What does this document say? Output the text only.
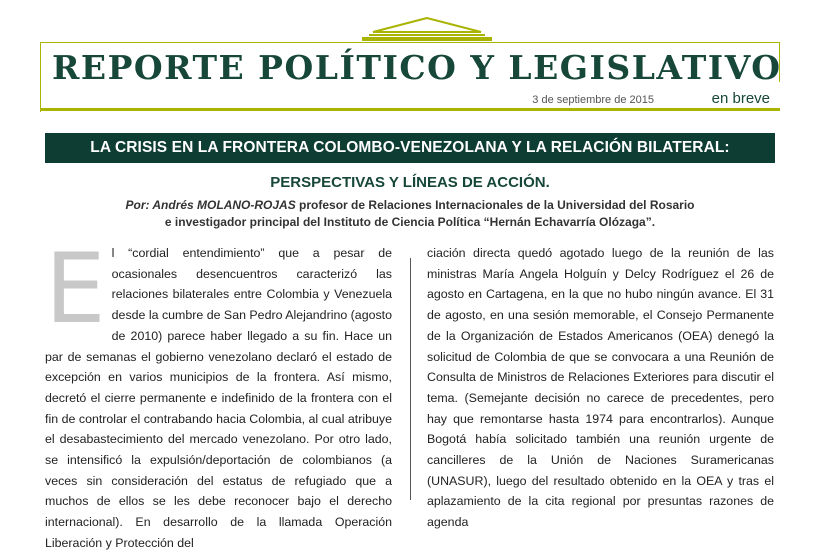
REPORTE POLÍTICO Y LEGISLATIVO
3 de septiembre de 2015	en breve
LA CRISIS EN LA FRONTERA COLOMBO-VENEZOLANA Y LA RELACIÓN BILATERAL:
PERSPECTIVAS Y LÍNEAS DE ACCIÓN.
Por: Andrés MOLANO-ROJAS profesor de Relaciones Internacionales de la Universidad del Rosario
e investigador principal del Instituto de Ciencia Política “Hernán Echavarría Olózaga”.
El “cordial entendimiento” que a pesar de ocasionales desencuentros caracterizó las relaciones bilaterales entre Colombia y Venezuela desde la cumbre de San Pedro Alejandrino (agosto de 2010) parece haber llegado a su fin. Hace un par de semanas el gobierno venezolano declaró el estado de excepción en varios municipios de la frontera. Así mismo, decretó el cierre permanente e indefinido de la frontera con el fin de controlar el contrabando hacia Colombia, al cual atribuye el desabastecimiento del mercado venezolano. Por otro lado, se intensificó la expulsión/deportación de colombianos (a veces sin consideración del estatus de refugiado que a muchos de ellos se les debe reconocer bajo el derecho internacional). En desarrollo de la llamada Operación Liberación y Protección del
ciación directa quedó agotado luego de la reunión de las ministras María Angela Holguín y Delcy Rodríguez el 26 de agosto en Cartagena, en la que no hubo ningún avance. El 31 de agosto, en una sesión memorable, el Consejo Permanente de la Organización de Estados Americanos (OEA) denegó la solicitud de Colombia de que se convocara a una Reunión de Consulta de Ministros de Relaciones Exteriores para discutir el tema. (Semejante decisión no carece de precedentes, pero hay que remontarse hasta 1974 para encontrarlos). Aunque Bogotá había solicitado también una reunión urgente de cancilleres de la Unión de Naciones Suramericanas (UNASUR), luego del resultado obtenido en la OEA y tras el aplazamiento de la cita regional por presuntas razones de agenda
